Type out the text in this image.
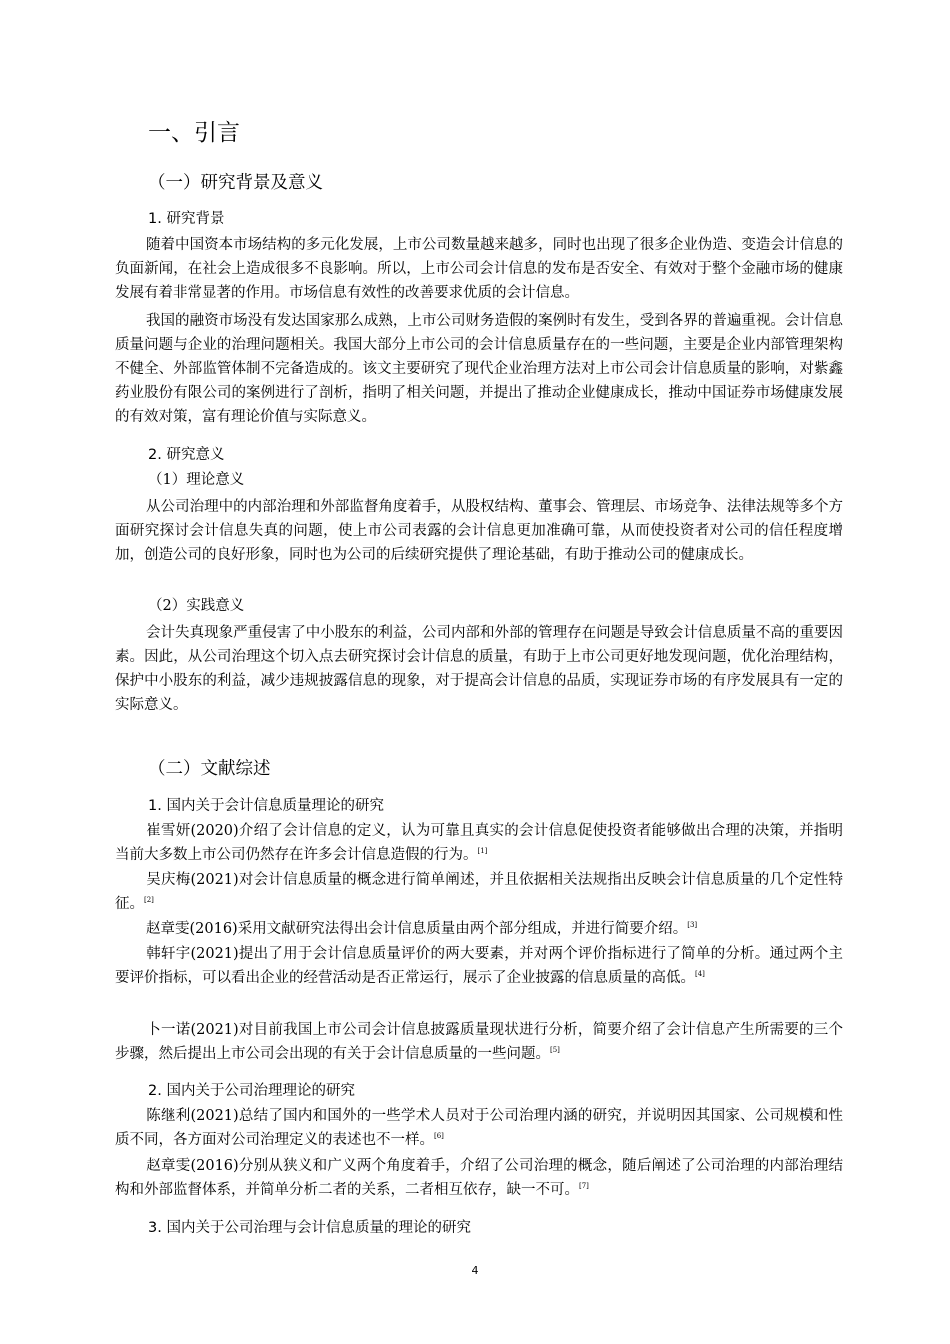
一、引言
（一）研究背景及意义
1. 研究背景

随着中国资本市场结构的多元化发展，上市公司数量越来越多，同时也出现了很多企业伪造、变造会计信息的负面新闻，在社会上造成很多不良影响。所以，上市公司会计信息的发布是否安全、有效对于整个金融市场的健康发展有着非常显著的作用。市场信息有效性的改善要求优质的会计信息。

我国的融资市场没有发达国家那么成熟，上市公司财务造假的案例时有发生，受到各界的普遍重视。会计信息质量问题与企业的治理问题相关。我国大部分上市公司的会计信息质量存在的一些问题，主要是企业内部管理架构不健全、外部监管体制不完备造成的。该文主要研究了现代企业治理方法对上市公司会计信息质量的影响，对紫鑫药业股份有限公司的案例进行了剖析，指明了相关问题，并提出了推动企业健康成长，推动中国证券市场健康发展的有效对策，富有理论价值与实际意义。

2. 研究意义
（1）理论意义

从公司治理中的内部治理和外部监督角度着手，从股权结构、董事会、管理层、市场竞争、法律法规等多个方面研究探讨会计信息失真的问题，使上市公司表露的会计信息更加准确可靠，从而使投资者对公司的信任程度增加，创造公司的良好形象，同时也为公司的后续研究提供了理论基础，有助于推动公司的健康成长。

（2）实践意义

会计失真现象严重侵害了中小股东的利益，公司内部和外部的管理存在问题是导致会计信息质量不高的重要因素。因此，从公司治理这个切入点去研究探讨会计信息的质量，有助于上市公司更好地发现问题，优化治理结构，保护中小股东的利益，减少违规披露信息的现象，对于提高会计信息的品质，实现证券市场的有序发展具有一定的实际意义。

（二）文献综述
1. 国内关于会计信息质量理论的研究

崔雪妍(2020)介绍了会计信息的定义，认为可靠且真实的会计信息促使投资者能够做出合理的决策，并指明当前大多数上市公司仍然存在许多会计信息造假的行为。[1]

吴庆梅(2021)对会计信息质量的概念进行简单阐述，并且依据相关法规指出反映会计信息质量的几个定性特征。[2]

赵章雯(2016)采用文献研究法得出会计信息质量由两个部分组成，并进行简要介绍。[3]

韩轩宇(2021)提出了用于会计信息质量评价的两大要素，并对两个评价指标进行了简单的分析。通过两个主要评价指标，可以看出企业的经营活动是否正常运行，展示了企业披露的信息质量的高低。[4]

卜一诺(2021)对目前我国上市公司会计信息披露质量现状进行分析，简要介绍了会计信息产生所需要的三个步骤，然后提出上市公司会出现的有关于会计信息质量的一些问题。[5]

2. 国内关于公司治理理论的研究

陈继利(2021)总结了国内和国外的一些学术人员对于公司治理内涵的研究，并说明因其国家、公司规模和性质不同，各方面对公司治理定义的表述也不一样。[6]

赵章雯(2016)分别从狭义和广义两个角度着手，介绍了公司治理的概念，随后阐述了公司治理的内部治理结构和外部监督体系，并简单分析二者的关系，二者相互依存，缺一不可。[7]

3. 国内关于公司治理与会计信息质量的理论的研究
4
